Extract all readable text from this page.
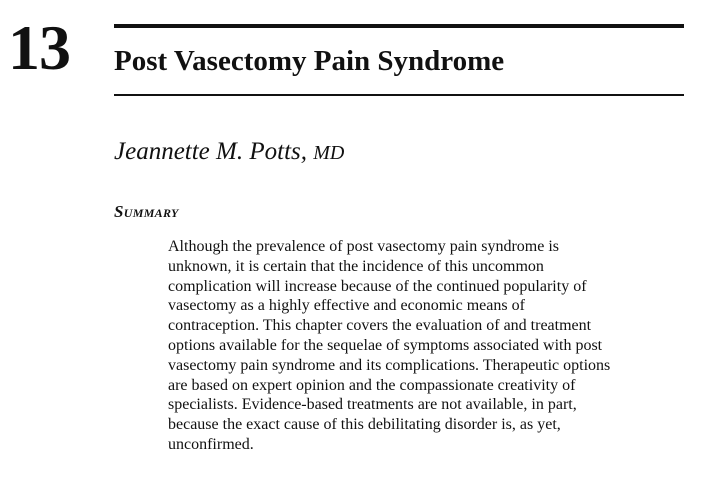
13 Post Vasectomy Pain Syndrome
Jeannette M. Potts, MD
Summary

Although the prevalence of post vasectomy pain syndrome is
unknown, it is certain that the incidence of this uncommon
complication will increase because of the continued popularity of
vasectomy as a highly effective and economic means of
contraception. This chapter covers the evaluation of and treatment
options available for the sequelae of symptoms associated with post
vasectomy pain syndrome and its complications. Therapeutic options
are based on expert opinion and the compassionate creativity of
specialists. Evidence-based treatments are not available, in part,
because the exact cause of this debilitating disorder is, as yet,
unconfirmed.
